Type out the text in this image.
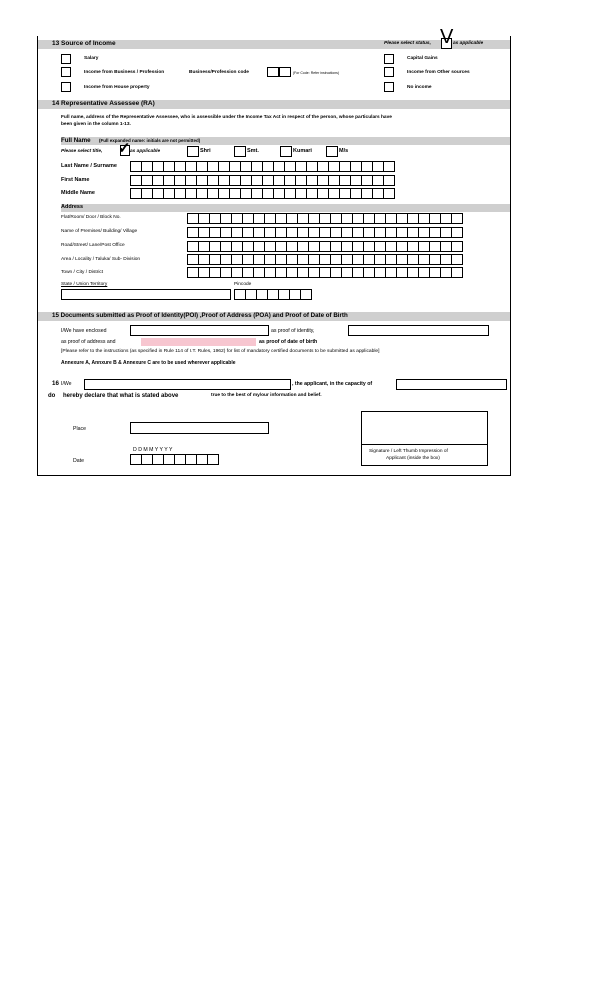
13 Source of Income	Please select status, V as applicable
Salary
Income from Business / Profession	Business/Profession code	(For Code: Refer instructions)
Income from House property
Capital Gains
Income from Other sources
No income
14 Representative Assessee (RA)
Full name, address of the Representative Assessee, who is assessible under the Income Tax Act in respect of the person, whose particulars have
been given in the column 1-13.
Full Name (Full expanded name: initials are not permitted)
Please select title, ✓ as applicable	Shri	Smt.	Kumari	M/s
Last Name / Surname
First Name
Middle Name
Address
Flat/Room/ Door / Block No.
Name of Premises/ Building/ Village
Road/Street/ Lane/Post Office
Area / Locality / Taluka/ Sub- Division
Town / City / District
State / Union Territory	Pincode
15 Documents submitted as Proof of Identity(POI) ,Proof of Address (POA) and Proof of Date of Birth
I/We have enclosed	as proof of identity,
as proof of address and	as proof of date of birth
[Please refer to the instructions (as specified in Rule 114 of I.T. Rules, 1962) for list of mandatory certified documents to be submitted as applicable]
Annexure A, Annxure B & Annexure C are to be used wherever applicable
16 I/We	, the applicant, in the capacity of
do hereby declare that what is stated above	true to the best of my/our information and belief.
Place
D D M M Y Y Y Y
Date
Signature / Left Thumb Impression of
Applicant (inside the box)
